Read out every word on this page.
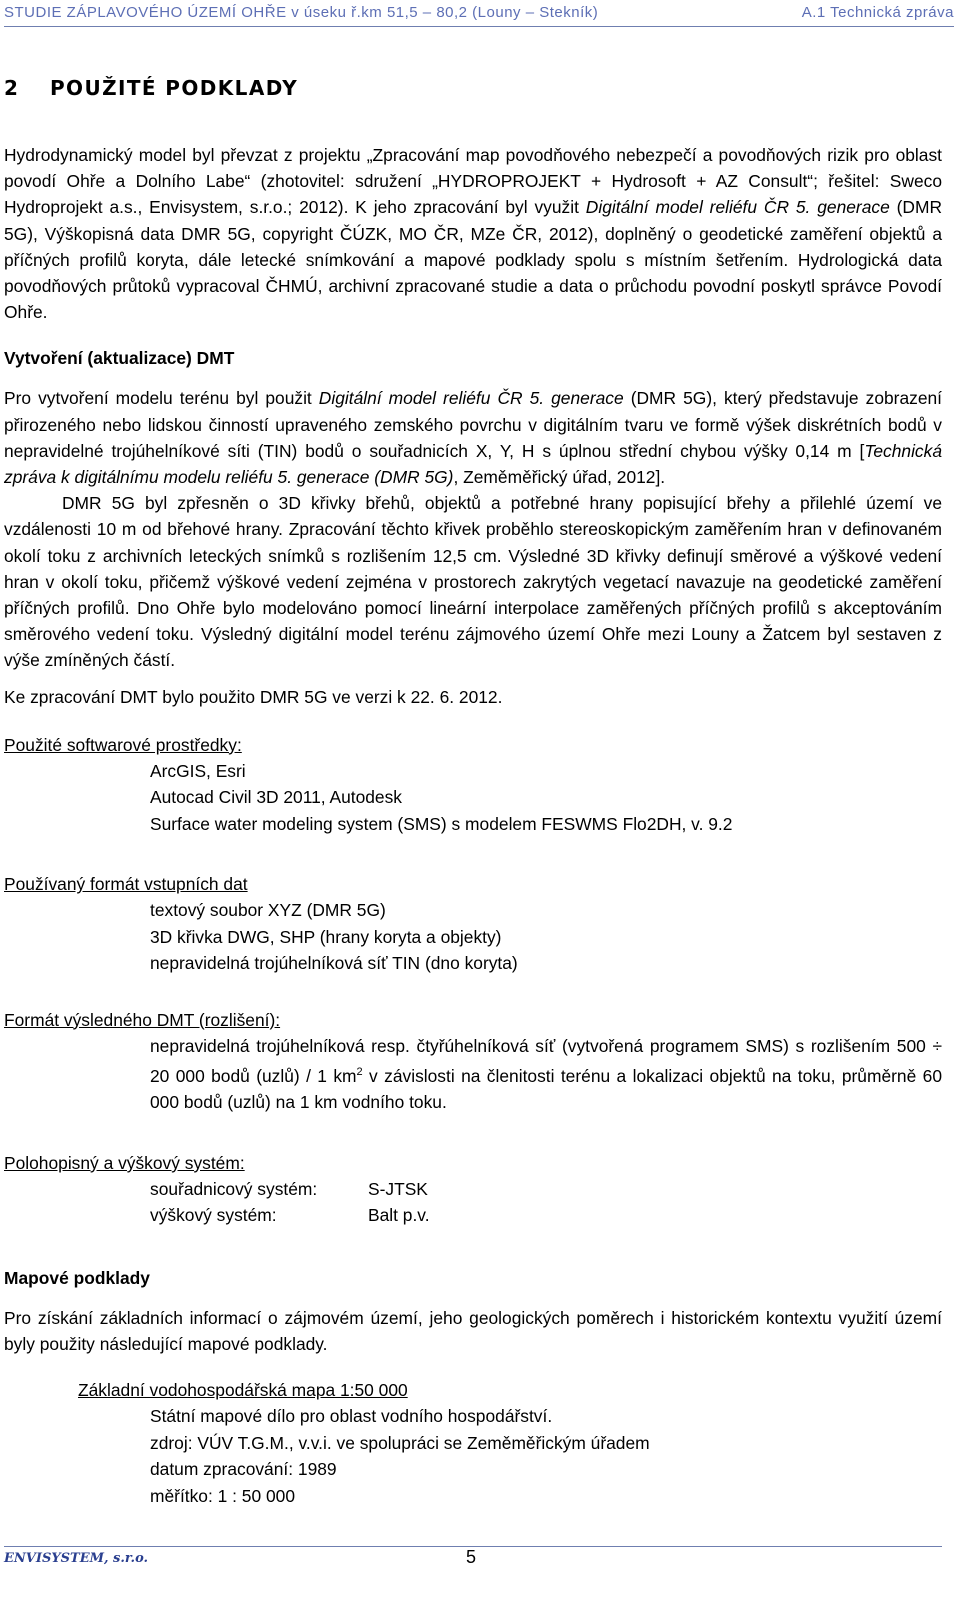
STUDIE ZÁPLAVOVÉHO ÚZEMÍ OHŘE v úseku ř.km 51,5 – 80,2 (Louny – Stekník)	A.1 Technická zpráva
2 POUŽITÉ PODKLADY

Hydrodynamický model byl převzat z projektu „Zpracování map povodňového nebezpečí a povodňových rizik pro oblast povodí Ohře a Dolního Labe“ (zhotovitel: sdružení „HYDROPROJEKT + Hydrosoft + AZ Consult“; řešitel: Sweco Hydroprojekt a.s., Envisystem, s.r.o.; 2012). K jeho zpracování byl využit Digitální model reliéfu ČR 5. generace (DMR 5G), Výškopisná data DMR 5G, copyright ČÚZK, MO ČR, MZe ČR, 2012), doplněný o geodetické zaměření objektů a příčných profilů koryta, dále letecké snímkování a mapové podklady spolu s místním šetřením. Hydrologická data povodňových průtoků vypracoval ČHMÚ, archivní zpracované studie a data o průchodu povodní poskytl správce Povodí Ohře.

Vytvoření (aktualizace) DMT

Pro vytvoření modelu terénu byl použit Digitální model reliéfu ČR 5. generace (DMR 5G), který představuje zobrazení přirozeného nebo lidskou činností upraveného zemského povrchu v digitálním tvaru ve formě výšek diskrétních bodů v nepravidelné trojúhelníkové síti (TIN) bodů o souřadnicích X, Y, H s úplnou střední chybou výšky 0,14 m [Technická zpráva k digitálnímu modelu reliéfu 5. generace (DMR 5G), Zeměměřický úřad, 2012].

DMR 5G byl zpřesněn o 3D křivky břehů, objektů a potřebné hrany popisující břehy a přilehlé území ve vzdálenosti 10 m od břehové hrany. Zpracování těchto křivek proběhlo stereoskopickým zaměřením hran v definovaném okolí toku z archivních leteckých snímků s rozlišením 12,5 cm. Výsledné 3D křivky definují směrové a výškové vedení hran v okolí toku, přičemž výškové vedení zejména v prostorech zakrytých vegetací navazuje na geodetické zaměření příčných profilů. Dno Ohře bylo modelováno pomocí lineární interpolace zaměřených příčných profilů s akceptováním směrového vedení toku. Výsledný digitální model terénu zájmového území Ohře mezi Louny a Žatcem byl sestaven z výše zmíněných částí.

Ke zpracování DMT bylo použito DMR 5G ve verzi k 22. 6. 2012.

Použité softwarové prostředky:
ArcGIS, Esri
Autocad Civil 3D 2011, Autodesk
Surface water modeling system (SMS) s modelem FESWMS Flo2DH, v. 9.2
Používaný formát vstupních dat
textový soubor XYZ (DMR 5G)
3D křivka DWG, SHP (hrany koryta a objekty)
nepravidelná trojúhelníková síť TIN (dno koryta)
Formát výsledného DMT (rozlišení):
nepravidelná trojúhelníková resp. čtyřúhelníková síť (vytvořená programem SMS) s rozlišením 500 ÷ 20 000 bodů (uzlů) / 1 $km^2$ v závislosti na členitosti terénu a lokalizaci objektů na toku, průměrně 60 000 bodů (uzlů) na 1 km vodního toku.
Polohopisný a výškový systém:
souřadnicový systém:	S-JTSK
výškový systém:	Balt p.v.
Mapové podklady

Pro získání základních informací o zájmovém území, jeho geologických poměrech i historickém kontextu využití území byly použity následující mapové podklady.

Základní vodohospodářská mapa 1:50 000
Státní mapové dílo pro oblast vodního hospodářství.
zdroj: VÚV T.G.M., v.v.i. ve spolupráci se Zeměměřickým úřadem
datum zpracování: 1989
měřítko: 1 : 50 000
ENVISYSTEM, s.r.o.	5
